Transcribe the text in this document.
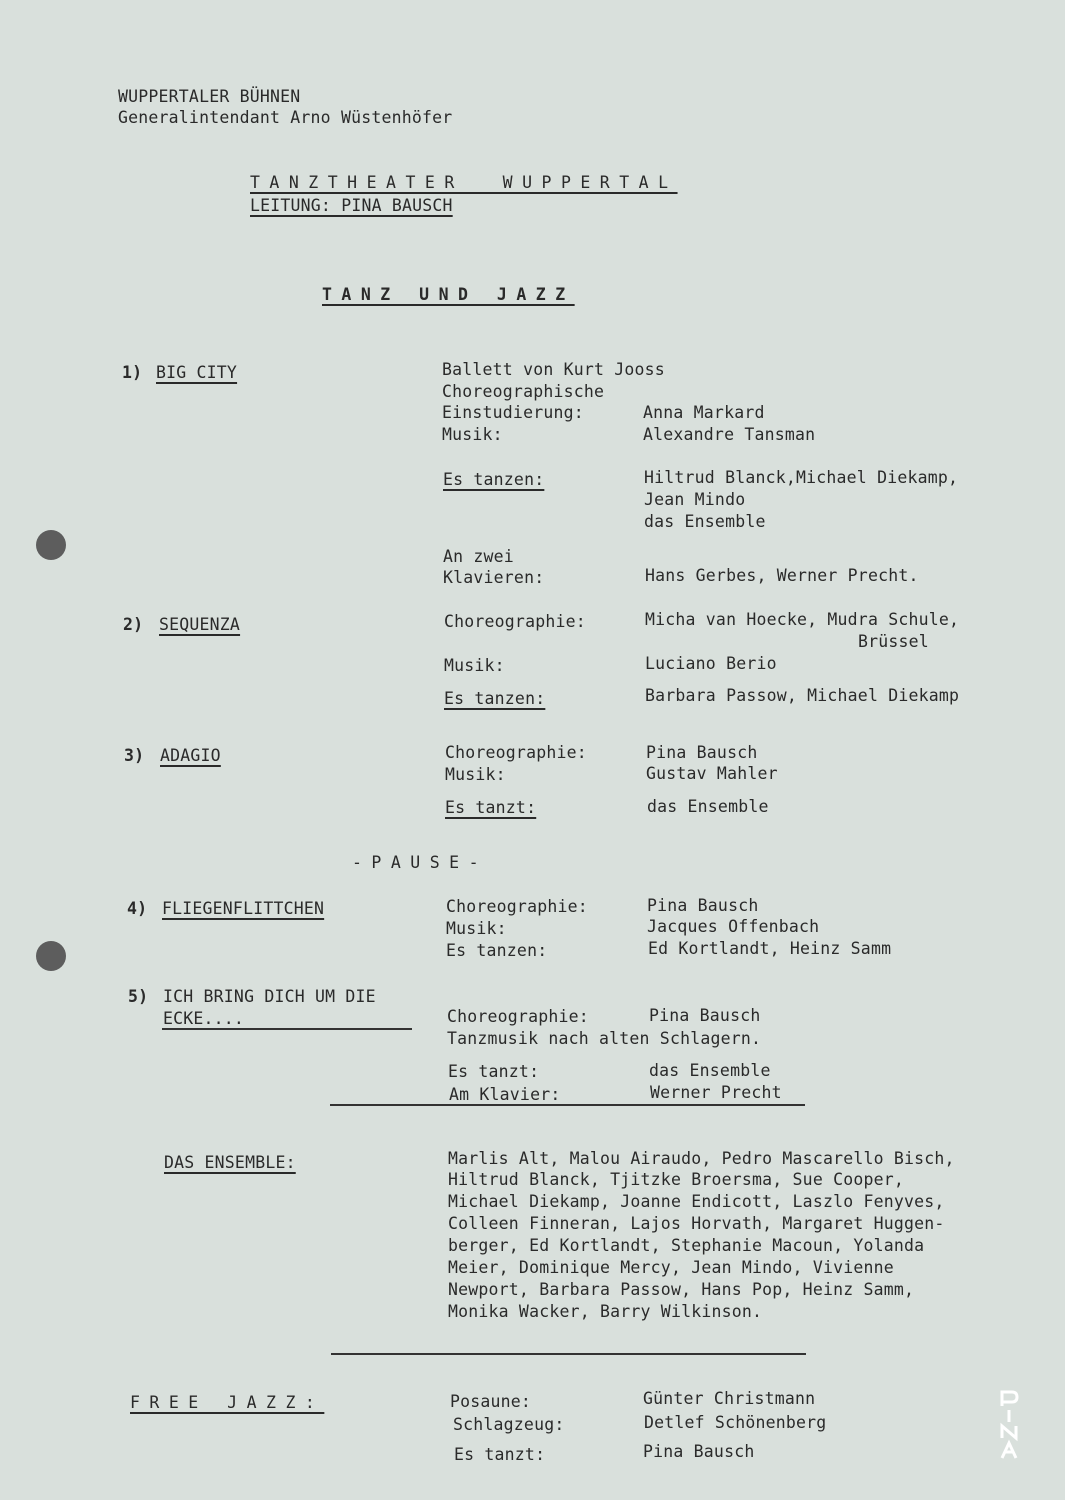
WUPPERTALER BÜHNEN
Generalintendant Arno Wüstenhöfer
TANZTHEATER  WUPPERTAL
LEITUNG: PINA BAUSCH
TANZ UND JAZZ
1) BIG CITY	Ballett von Kurt Jooss
Choreographische
Einstudierung:	Anna Markard
Musik:	Alexandre Tansman
Es tanzen:	Hiltrud Blanck,Michael Diekamp,
Jean Mindo
das Ensemble
An zwei
Klavieren:	Hans Gerbes, Werner Precht.
2) SEQUENZA	Choreographie:	Micha van Hoecke, Mudra Schule,
Brüssel
Musik:	Luciano Berio
Es tanzen:	Barbara Passow, Michael Diekamp
3) ADAGIO	Choreographie:	Pina Bausch
Musik:	Gustav Mahler
Es tanzt:	das Ensemble
-PAUSE-
4) FLIEGENFLITTCHEN	Choreographie:	Pina Bausch
Musik:	Jacques Offenbach
Es tanzen:	Ed Kortlandt, Heinz Samm
5) ICH BRING DICH UM DIE
ECKE....	Choreographie:	Pina Bausch
Tanzmusik nach alten Schlagern.
Es tanzt:	das Ensemble
Am Klavier:	Werner Precht
DAS ENSEMBLE:	Marlis Alt, Malou Airaudo, Pedro Mascarello Bisch,
Hiltrud Blanck, Tjitzke Broersma, Sue Cooper,
Michael Diekamp, Joanne Endicott, Laszlo Fenyves,
Colleen Finneran, Lajos Horvath, Margaret Huggen-
berger, Ed Kortlandt, Stephanie Macoun, Yolanda
Meier, Dominique Mercy, Jean Mindo, Vivienne
Newport, Barbara Passow, Hans Pop, Heinz Samm,
Monika Wacker, Barry Wilkinson.
FREE JAZZ:	Posaune:	Günter Christmann
Schlagzeug:	Detlef Schönenberg
Es tanzt:	Pina Bausch
